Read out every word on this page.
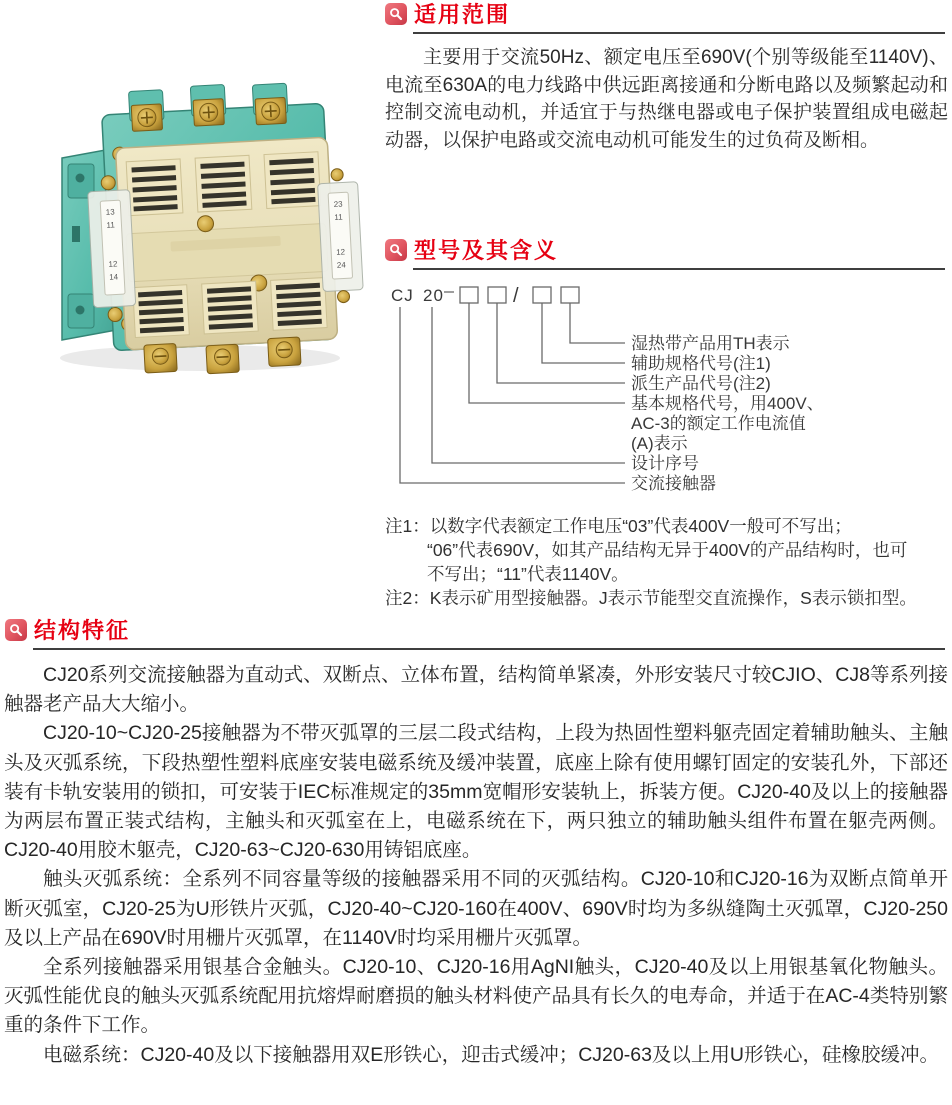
13
11
12
14
23
11
12
24
适用范围

主要用于交流50Hz、额定电压至690V(个别等级能至1140V)、电流至630A的电力线路中供远距离接通和分断电路以及频繁起动和控制交流电动机，并适宜于与热继电器或电子保护装置组成电磁起动器，以保护电路或交流电动机可能发生的过负荷及断相。

型号及其含义
CJ 20	/
湿热带产品用TH表示
辅助规格代号(注1)
派生产品代号(注2)
基本规格代号，用400V、
AC-3的额定工作电流值
(A)表示
设计序号
交流接触器
注1：以数字代表额定工作电压“03”代表400V一般可不写出；
“06”代表690V，如其产品结构无异于400V的产品结构时，也可
不写出；“11”代表1140V。
注2：K表示矿用型接触器。J表示节能型交直流操作，S表示锁扣型。
结构特征

CJ20系列交流接触器为直动式、双断点、立体布置，结构简单紧凑，外形安装尺寸较CJIO、CJ8等系列接触器老产品大大缩小。

CJ20-10~CJ20-25接触器为不带灭弧罩的三层二段式结构，上段为热固性塑料躯壳固定着辅助触头、主触头及灭弧系统，下段热塑性塑料底座安装电磁系统及缓冲装置，底座上除有使用螺钉固定的安装孔外，下部还装有卡轨安装用的锁扣，可安装于IEC标准规定的35mm宽帽形安装轨上，拆装方便。CJ20-40及以上的接触器为两层布置正装式结构，主触头和灭弧室在上，电磁系统在下，两只独立的辅助触头组件布置在躯壳两侧。CJ20-40用胶木躯壳，CJ20-63~CJ20-630用铸铝底座。

触头灭弧系统：全系列不同容量等级的接触器采用不同的灭弧结构。CJ20-10和CJ20-16为双断点简单开断灭弧室，CJ20-25为U形铁片灭弧，CJ20-40~CJ20-160在400V、690V时均为多纵缝陶土灭弧罩，CJ20-250及以上产品在690V时用栅片灭弧罩，在1140V时均采用栅片灭弧罩。

全系列接触器采用银基合金触头。CJ20-10、CJ20-16用AgNI触头，CJ20-40及以上用银基氧化物触头。灭弧性能优良的触头灭弧系统配用抗熔焊耐磨损的触头材料使产品具有长久的电寿命，并适于在AC-4类特别繁重的条件下工作。

电磁系统：CJ20-40及以下接触器用双E形铁心，迎击式缓冲；CJ20-63及以上用U形铁心，硅橡胶缓冲。
